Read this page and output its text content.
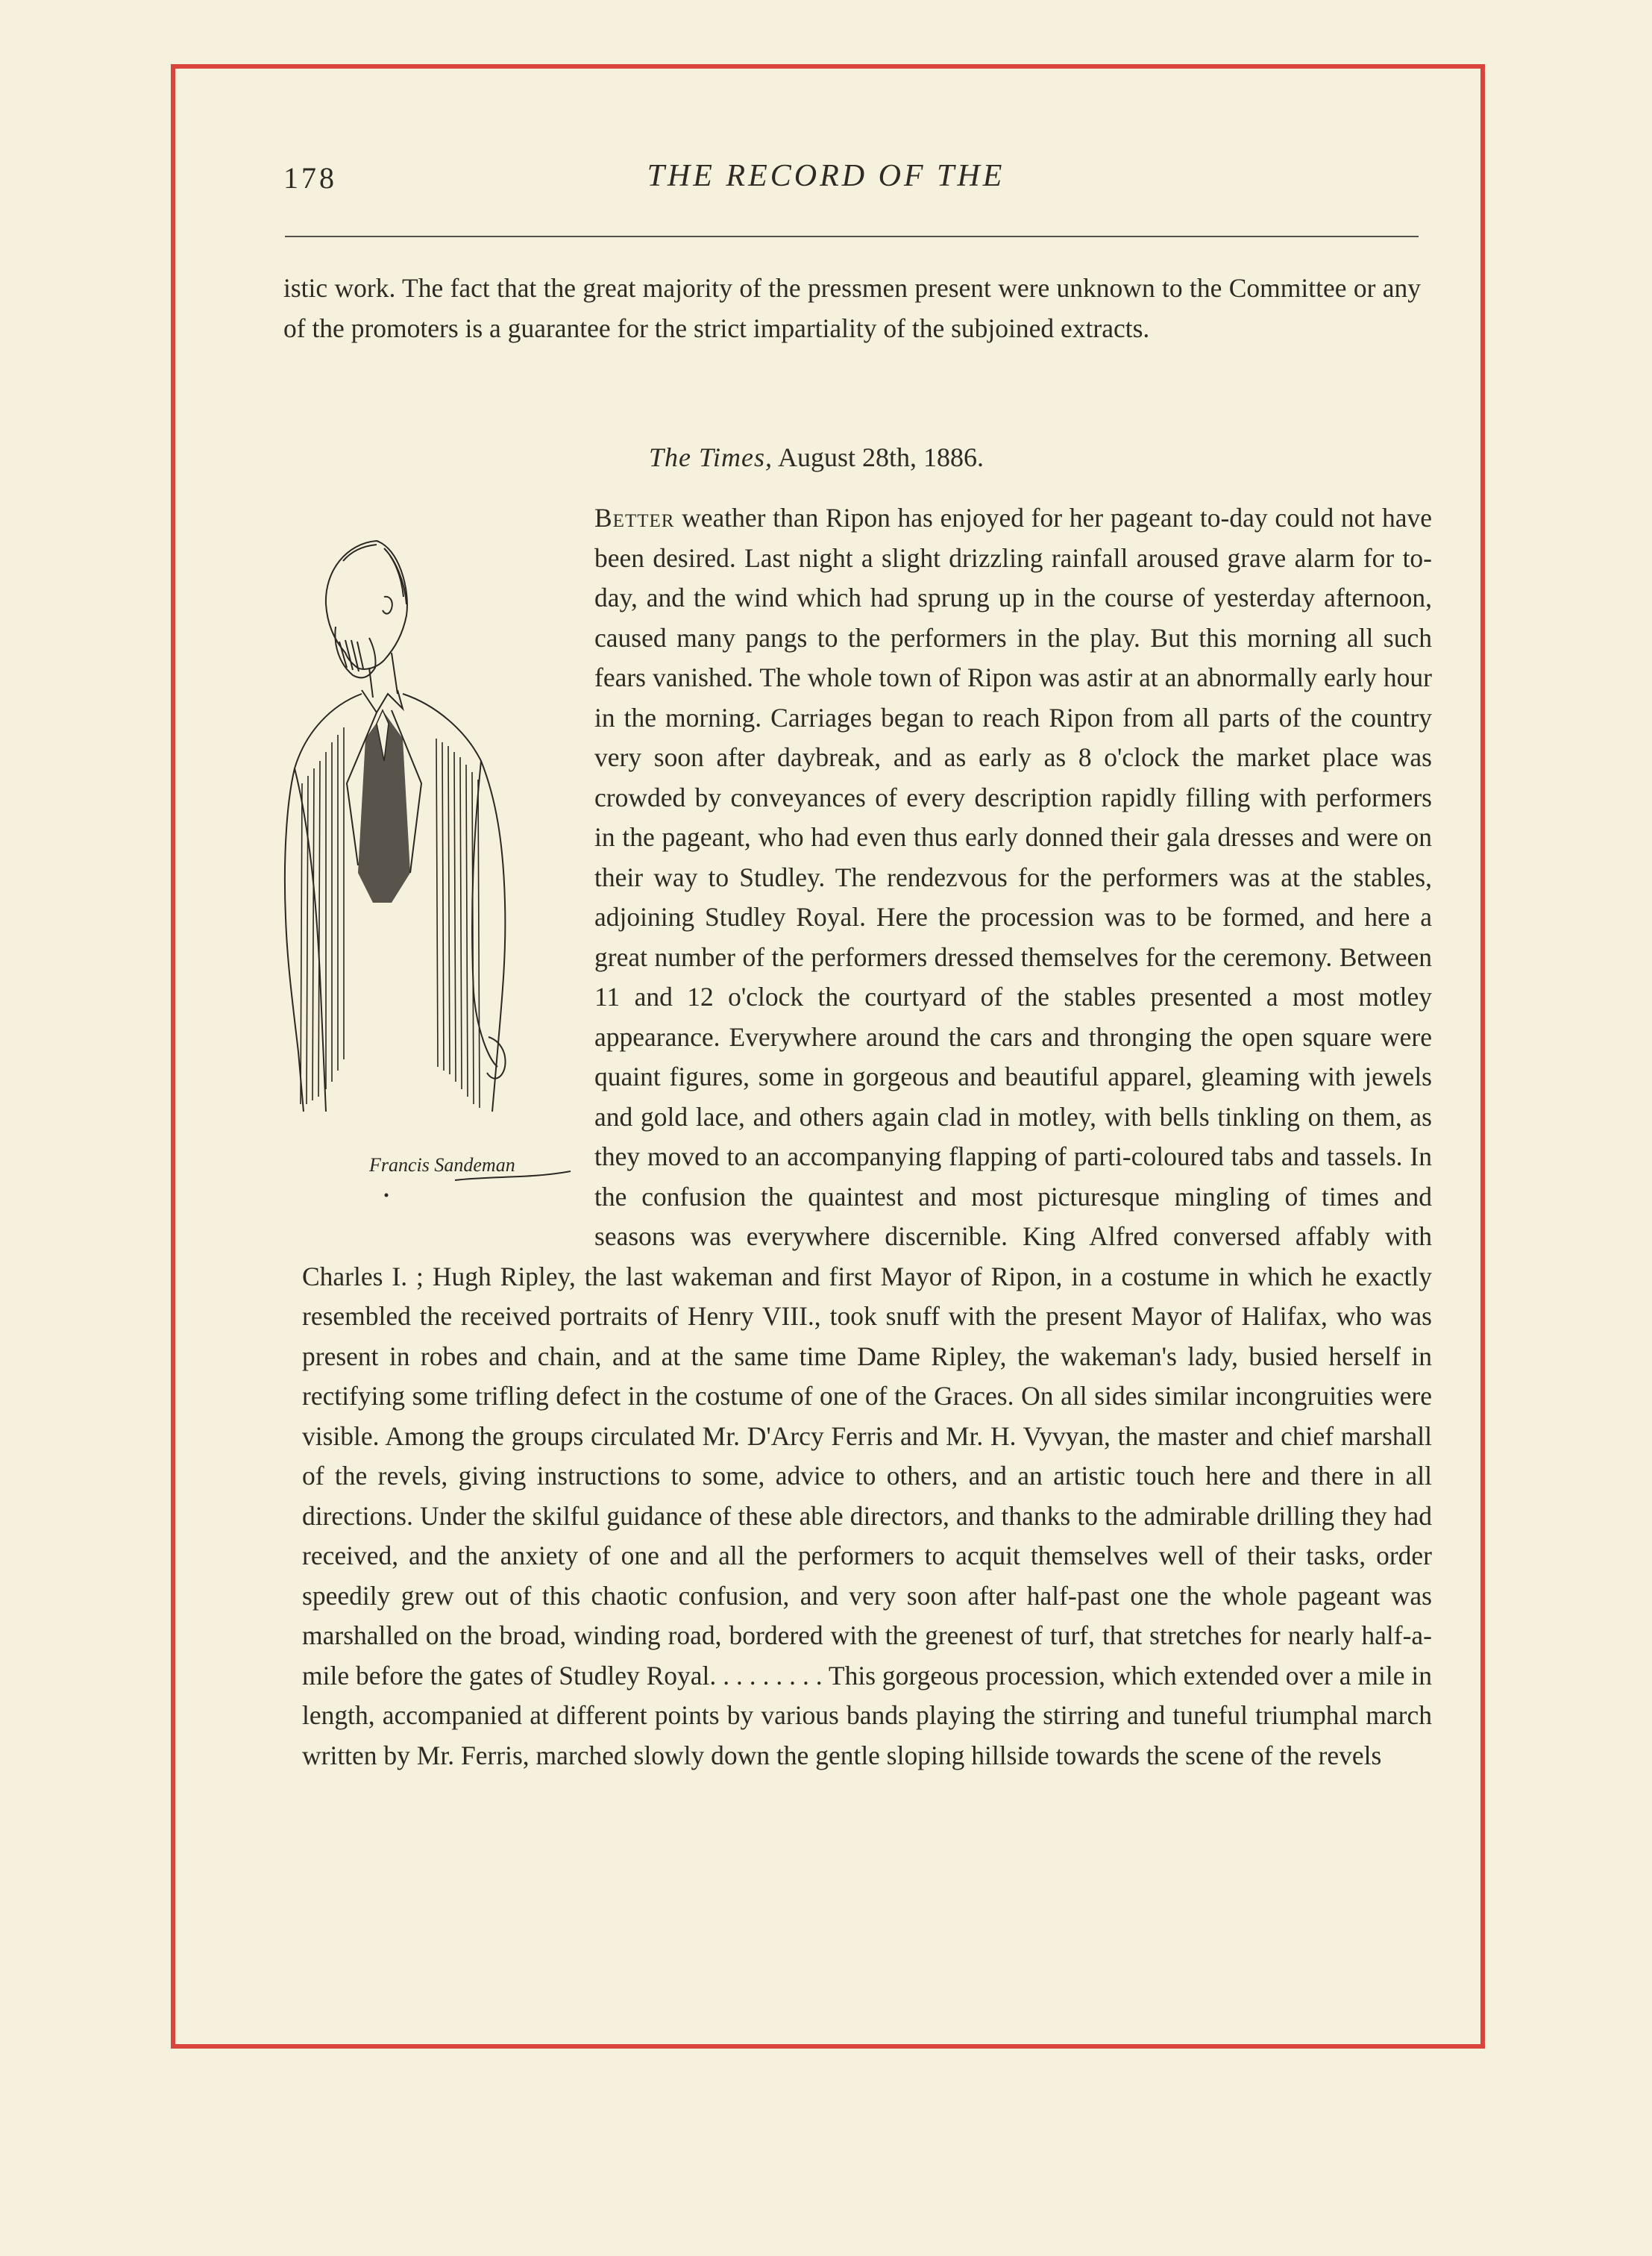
178	THE RECORD OF THE

istic work. The fact that the great majority of the pressmen present were unknown to the Committee or any of the promoters is a guarantee for the strict impartiality of the subjoined extracts.

The Times, August 28th, 1886.

Better weather than Ripon has enjoyed for her pageant to-day could not have been desired. Last night a slight drizzling rainfall aroused grave alarm for to-day, and the wind which had sprung up in the course of yesterday afternoon, caused many pangs to the performers in the play. But this morning all such fears vanished. The whole town of Ripon was astir at an abnormally early hour in the morning. Carriages began to reach Ripon from all parts of the country very soon after daybreak, and as early as 8 o'clock the market place was crowded by conveyances of every description rapidly filling with performers in the pageant, who had even thus early donned their gala dresses and were on their way to Studley. The rendezvous for the performers was at the stables, adjoining Studley Royal. Here the procession was to be formed, and here a great number of the performers dressed themselves for the ceremony. Between 11 and 12 o'clock the courtyard of the stables presented a most motley appearance. Everywhere around the cars and thronging the open square were quaint figures, some in gorgeous and beautiful apparel, gleaming with jewels and gold lace, and others again clad in motley, with bells tinkling on them, as they moved to an accompanying flapping of parti-coloured tabs and tassels. In the confusion the quaintest and most picturesque mingling of times and seasons was everywhere discernible. King Alfred conversed affably with Charles I. ; Hugh Ripley, the last wakeman and first Mayor of Ripon, in a costume in which he exactly resembled the received portraits of Henry VIII., took snuff with the present Mayor of Halifax, who was present in robes and chain, and at the same time Dame Ripley, the wakeman's lady, busied herself in rectifying some trifling defect in the costume of one of the Graces. On all sides similar incongruities were visible. Among the groups circulated Mr. D'Arcy Ferris and Mr. H. Vyvyan, the master and chief marshall of the revels, giving instructions to some, advice to others, and an artistic touch here and there in all directions. Under the skilful guidance of these able directors, and thanks to the admirable drilling they had received, and the anxiety of one and all the performers to acquit themselves well of their tasks, order speedily grew out of this chaotic confusion, and very soon after half-past one the whole pageant was marshalled on the broad, winding road, bordered with the greenest of turf, that stretches for nearly half-a-mile before the gates of Studley Royal. . . . . . . . . This gorgeous procession, which extended over a mile in length, accompanied at different points by various bands playing the stirring and tuneful triumphal march written by Mr. Ferris, marched slowly down the gentle sloping hillside towards the scene of the revels

Francis Sandeman
